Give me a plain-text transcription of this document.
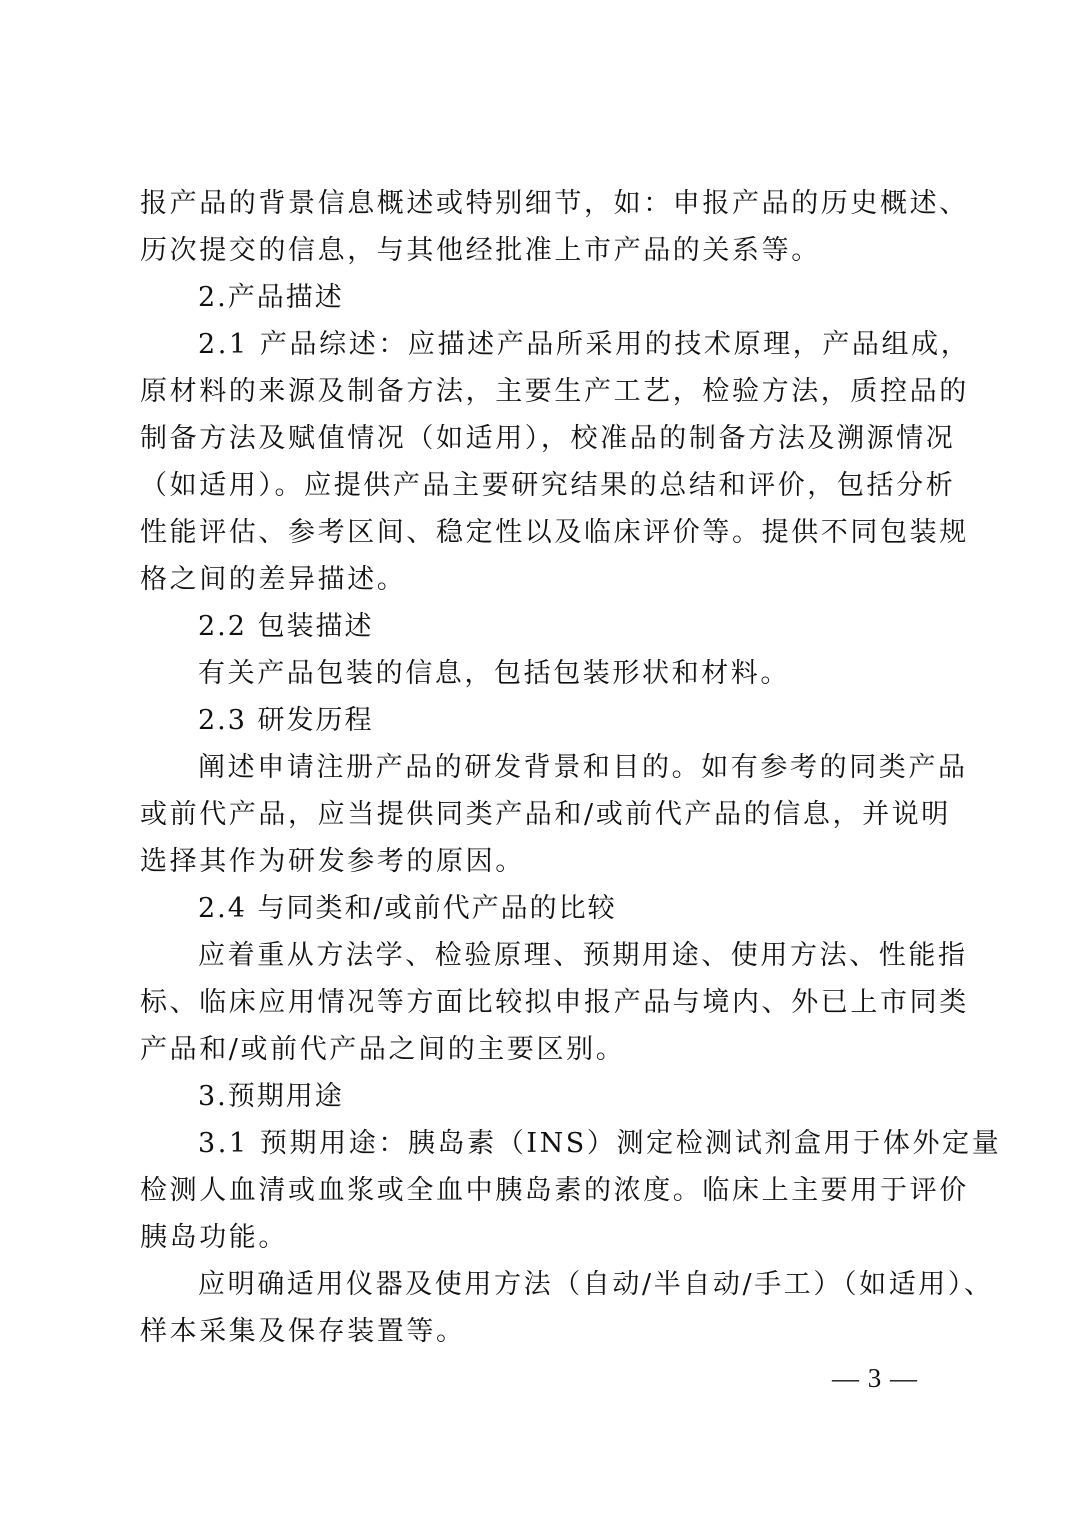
报产品的背景信息概述或特别细节，如：申报产品的历史概述、
历次提交的信息，与其他经批准上市产品的关系等。
2.产品描述
2.1 产品综述：应描述产品所采用的技术原理，产品组成，
原材料的来源及制备方法，主要生产工艺，检验方法，质控品的
制备方法及赋值情况（如适用），校准品的制备方法及溯源情况
（如适用）。应提供产品主要研究结果的总结和评价，包括分析
性能评估、参考区间、稳定性以及临床评价等。提供不同包装规
格之间的差异描述。
2.2 包装描述
有关产品包装的信息，包括包装形状和材料。
2.3 研发历程
阐述申请注册产品的研发背景和目的。如有参考的同类产品
或前代产品，应当提供同类产品和/或前代产品的信息，并说明
选择其作为研发参考的原因。
2.4 与同类和/或前代产品的比较
应着重从方法学、检验原理、预期用途、使用方法、性能指
标、临床应用情况等方面比较拟申报产品与境内、外已上市同类
产品和/或前代产品之间的主要区别。
3.预期用途
3.1 预期用途：胰岛素（INS）测定检测试剂盒用于体外定量
检测人血清或血浆或全血中胰岛素的浓度。临床上主要用于评价
胰岛功能。
应明确适用仪器及使用方法（自动/半自动/手工）（如适用）、
样本采集及保存装置等。
— 3 —
